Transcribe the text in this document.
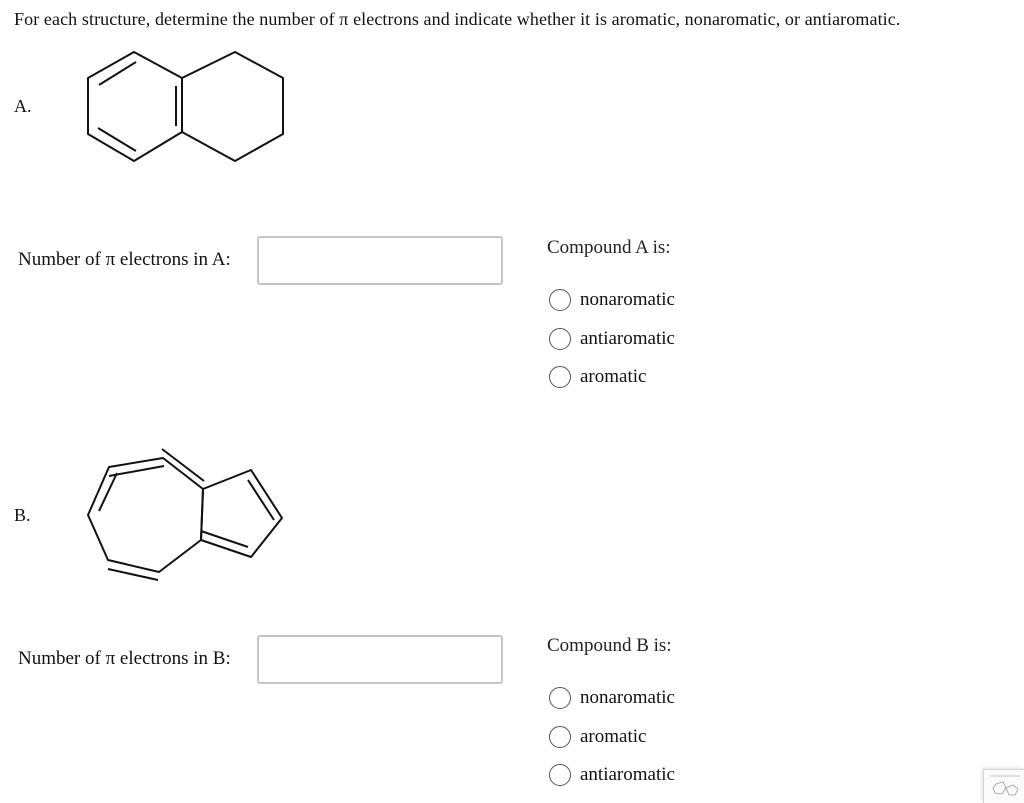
For each structure, determine the number of π electrons and indicate whether it is aromatic, nonaromatic, or antiaromatic.
A.
Number of π electrons in A:
Compound A is:
nonaromatic
antiaromatic
aromatic
B.
Number of π electrons in B:
Compound B is:
nonaromatic
aromatic
antiaromatic
